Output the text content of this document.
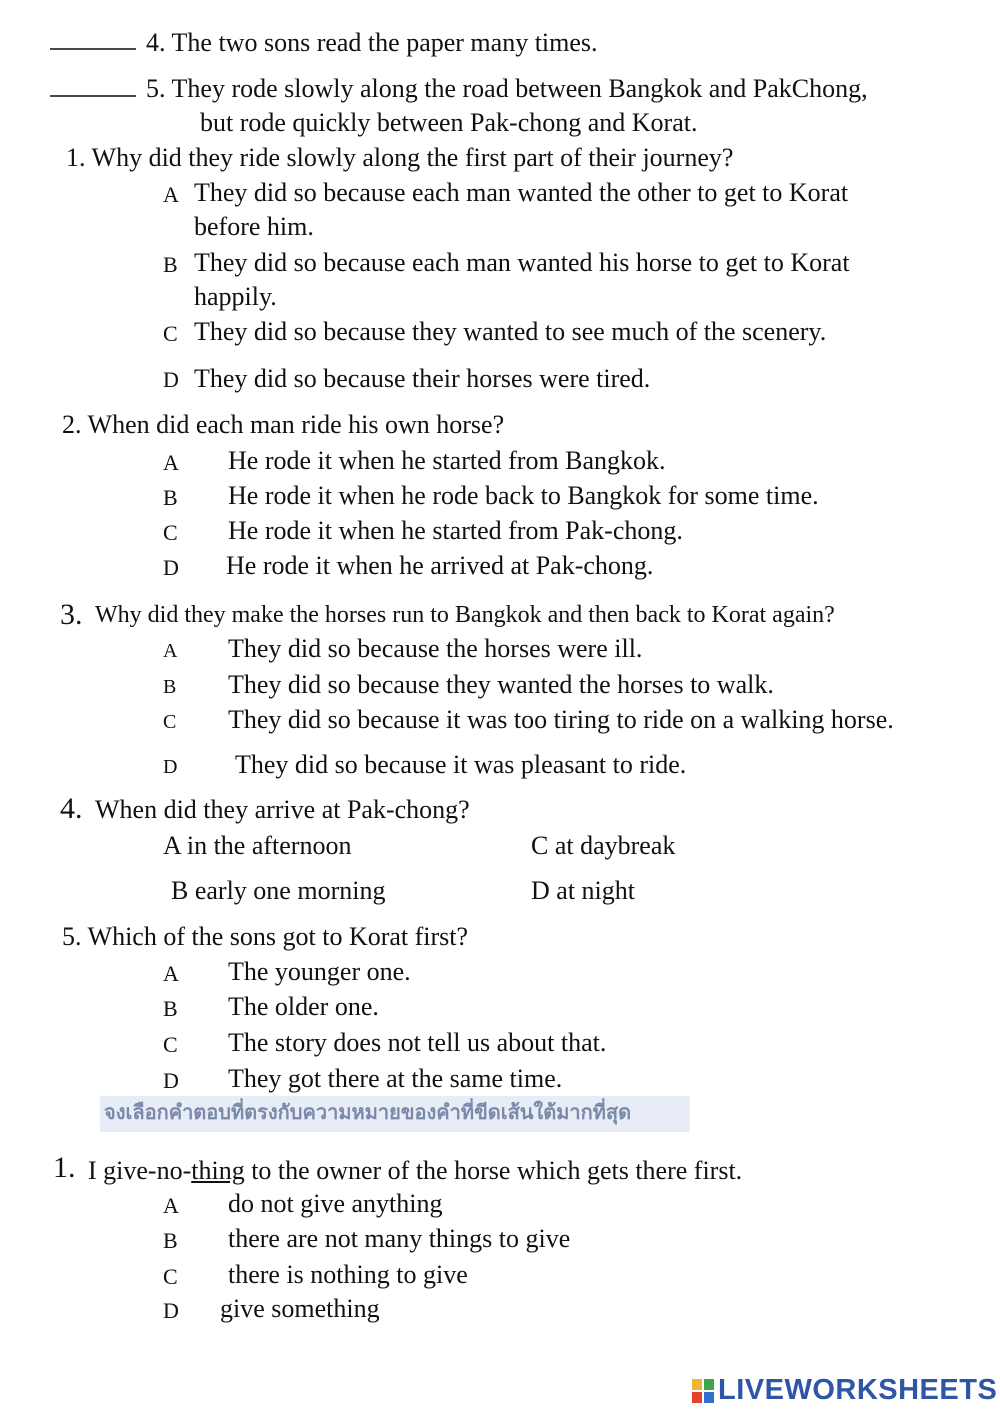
4. The two sons read the paper many times.
5. They rode slowly along the road between Bangkok and PakChong,
but rode quickly between Pak-chong and Korat.
1. Why did they ride slowly along the first part of their journey?
A They did so because each man wanted the other to get to Korat
before him.
B They did so because each man wanted his horse to get to Korat
happily.
C They did so because they wanted to see much of the scenery.
D They did so because their horses were tired.
2. When did each man ride his own horse?
A He rode it when he started from Bangkok.
B He rode it when he rode back to Bangkok for some time.
C He rode it when he started from Pak-chong.
D He rode it when he arrived at Pak-chong.
3. Why did they make the horses run to Bangkok and then back to Korat again?
A They did so because the horses were ill.
B They did so because they wanted the horses to walk.
C They did so because it was too tiring to ride on a walking horse.
D They did so because it was pleasant to ride.
4. When did they arrive at Pak-chong?
A in the afternoon	C at daybreak
B early one morning	D at night
5. Which of the sons got to Korat first?
A The younger one.
B The older one.
C The story does not tell us about that.
D They got there at the same time.
จงเลือกคำตอบที่ตรงกับความหมายของคำที่ขีดเส้นใต้มากที่สุด
1. I give-no-thing to the owner of the horse which gets there first.
A do not give anything
B there are not many things to give
C there is nothing to give
D give something
LIVEWORKSHEETS
